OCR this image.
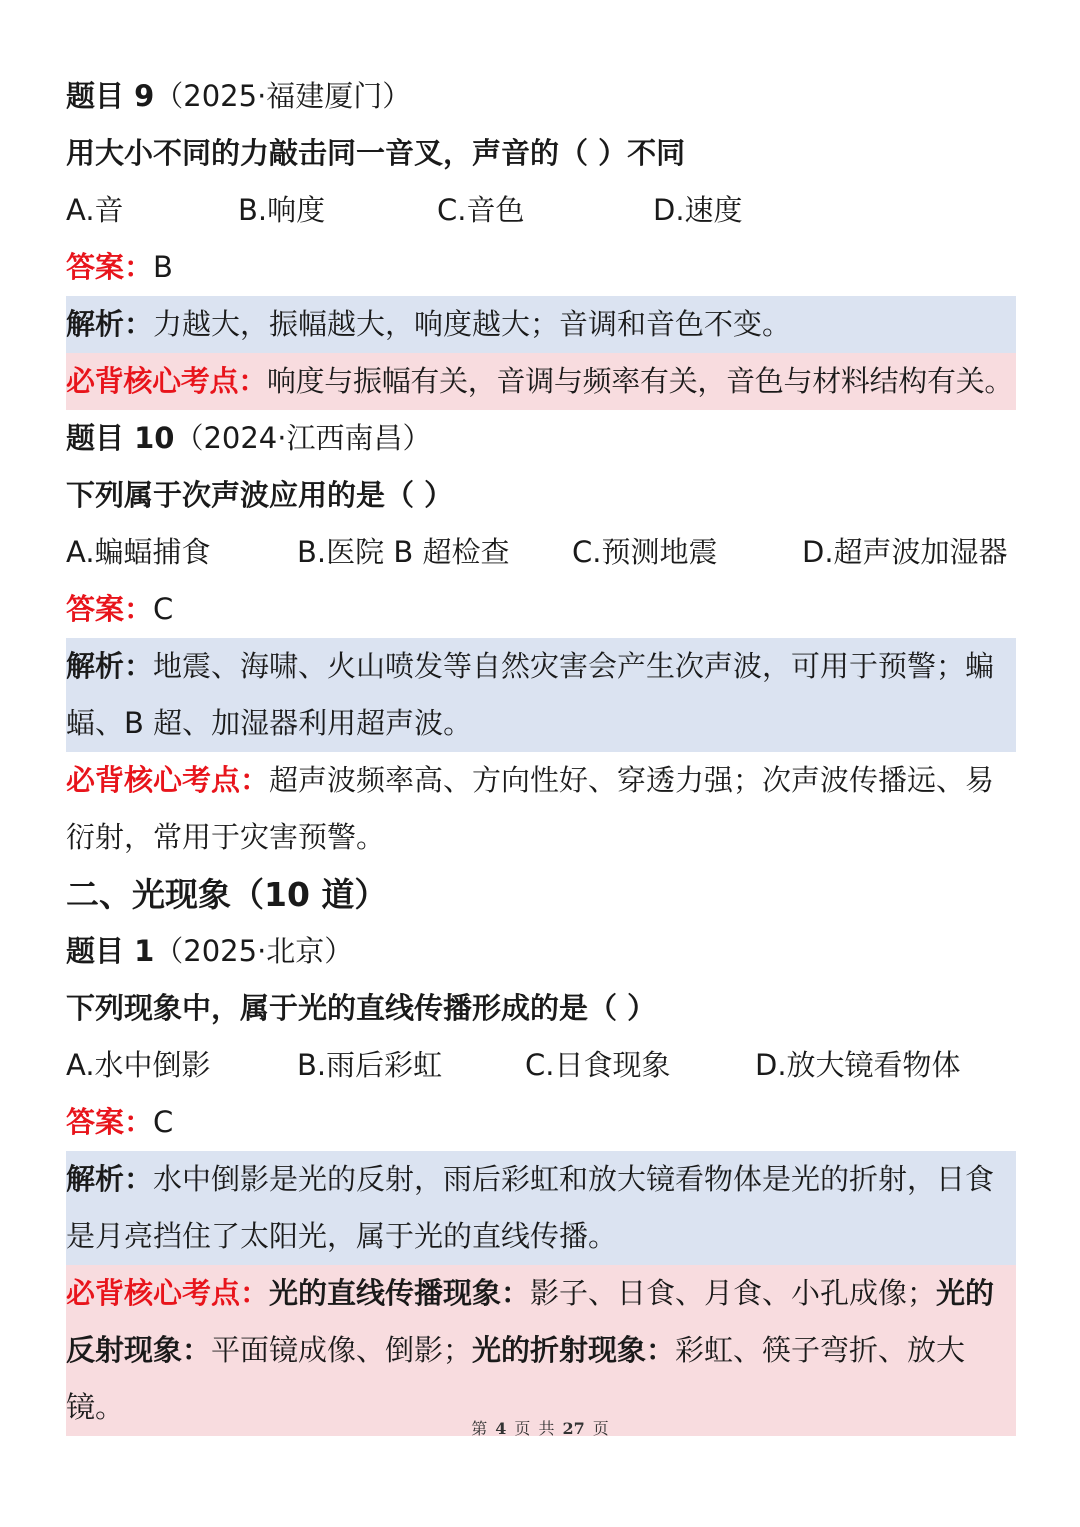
题目 9（2025·福建厦门）
用大小不同的力敲击同一音叉，声音的（ ）不同
A.音	B.响度	C.音色	D.速度
答案：B
解析：力越大，振幅越大，响度越大；音调和音色不变。
必背核心考点：响度与振幅有关，音调与频率有关，音色与材料结构有关。
题目 10（2024·江西南昌）
下列属于次声波应用的是（ ）
A.蝙蝠捕食	B.医院 B 超检查	C.预测地震	D.超声波加湿器
答案：C
解析：地震、海啸、火山喷发等自然灾害会产生次声波，可用于预警；蝙蝠、B 超、加湿器利用超声波。
必背核心考点：超声波频率高、方向性好、穿透力强；次声波传播远、易衍射，常用于灾害预警。
二、光现象（10 道）
题目 1（2025·北京）
下列现象中，属于光的直线传播形成的是（ ）
A.水中倒影	B.雨后彩虹	C.日食现象	D.放大镜看物体
答案：C
解析：水中倒影是光的反射，雨后彩虹和放大镜看物体是光的折射，日食是月亮挡住了太阳光，属于光的直线传播。
必背核心考点：光的直线传播现象：影子、日食、月食、小孔成像；光的反射现象：平面镜成像、倒影；光的折射现象：彩虹、筷子弯折、放大镜。
第 4 页 共 27 页
